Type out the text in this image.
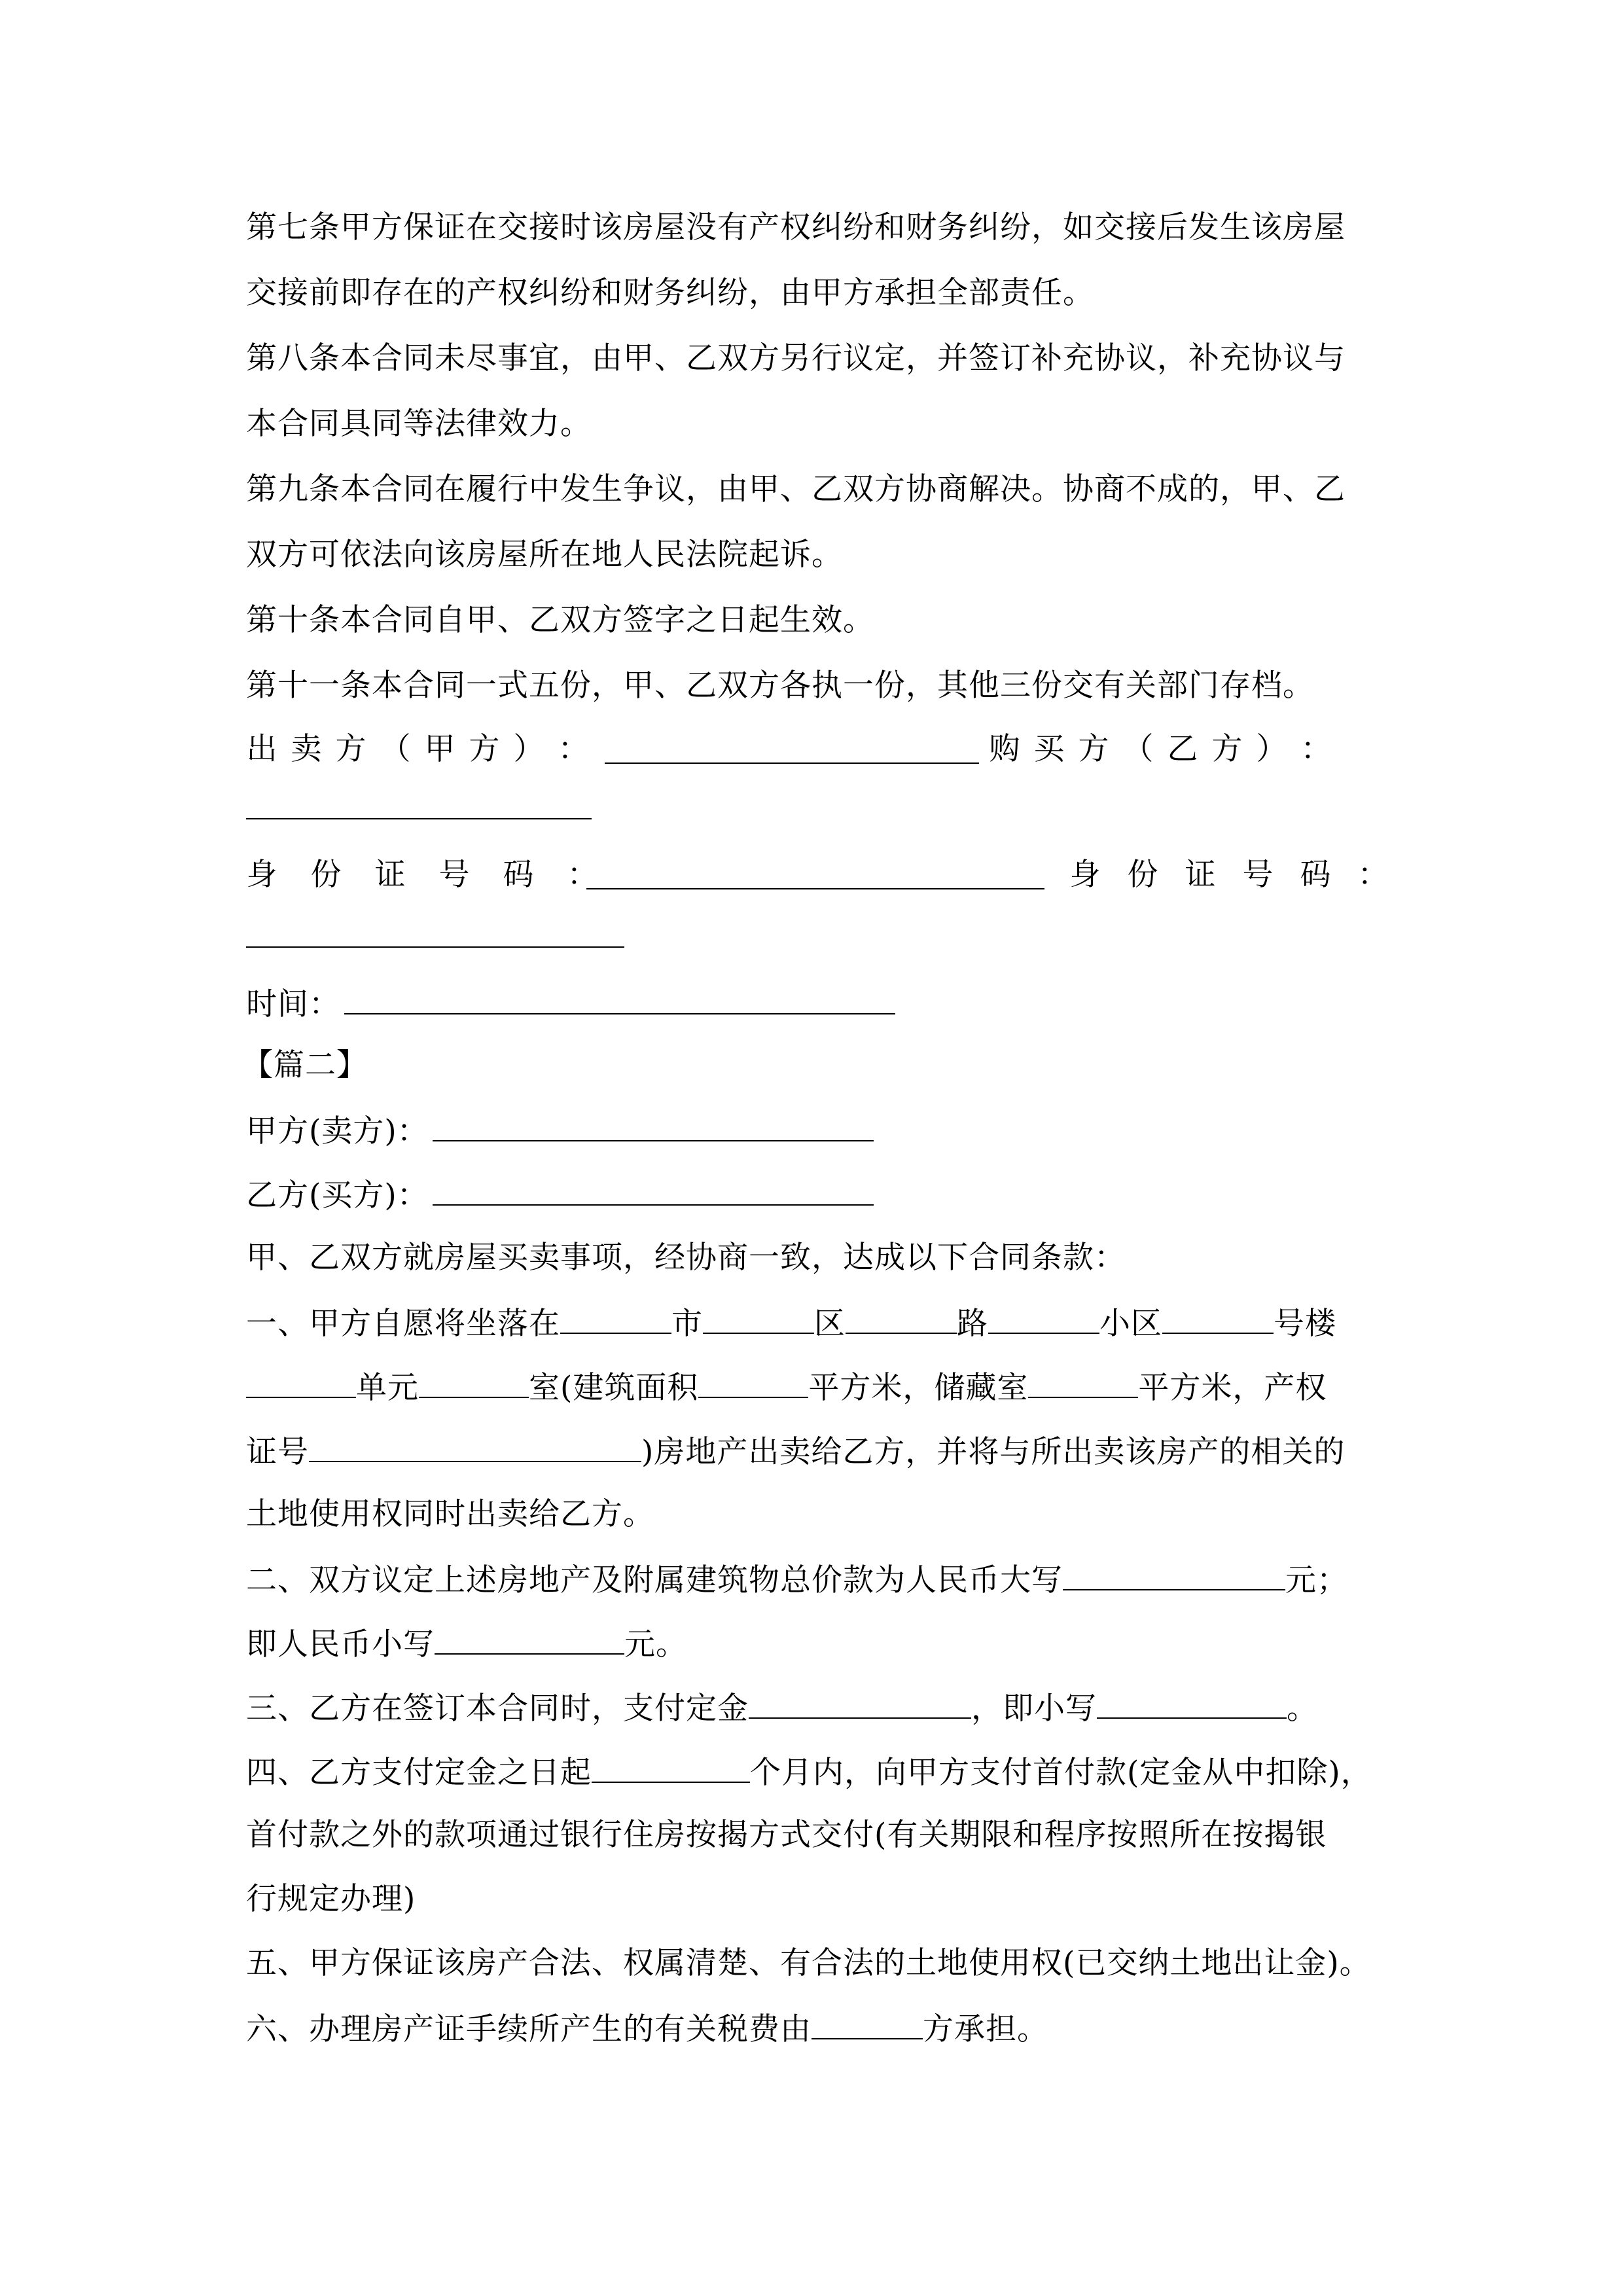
第七条甲方保证在交接时该房屋没有产权纠纷和财务纠纷，如交接后发生该房屋
交接前即存在的产权纠纷和财务纠纷，由甲方承担全部责任。
第八条本合同未尽事宜，由甲、乙双方另行议定，并签订补充协议，补充协议与
本合同具同等法律效力。
第九条本合同在履行中发生争议，由甲、乙双方协商解决。协商不成的，甲、乙
双方可依法向该房屋所在地人民法院起诉。
第十条本合同自甲、乙双方签字之日起生效。
第十一条本合同一式五份，甲、乙双方各执一份，其他三份交有关部门存档。
出 卖 方 （ 甲 方 ） ：	购 买 方 （ 乙 方 ） ：
身 份 证 号 码 ：	身 份 证 号 码 ：
时间：
【篇二】
甲方(卖方)：
乙方(买方)：
甲、乙双方就房屋买卖事项，经协商一致，达成以下合同条款：
一、甲方自愿将坐落在	市	区	路	小区	号楼
单元	室(建筑面积	平方米，储藏室	平方米，产权
证号	)房地产出卖给乙方，并将与所出卖该房产的相关的
土地使用权同时出卖给乙方。
二、双方议定上述房地产及附属建筑物总价款为人民币大写	元；
即人民币小写	元。
三、乙方在签订本合同时，支付定金	，即小写	。
四、乙方支付定金之日起	个月内，向甲方支付首付款(定金从中扣除)，
首付款之外的款项通过银行住房按揭方式交付(有关期限和程序按照所在按揭银
行规定办理)
五、甲方保证该房产合法、权属清楚、有合法的土地使用权(已交纳土地出让金)。
六、办理房产证手续所产生的有关税费由	方承担。
